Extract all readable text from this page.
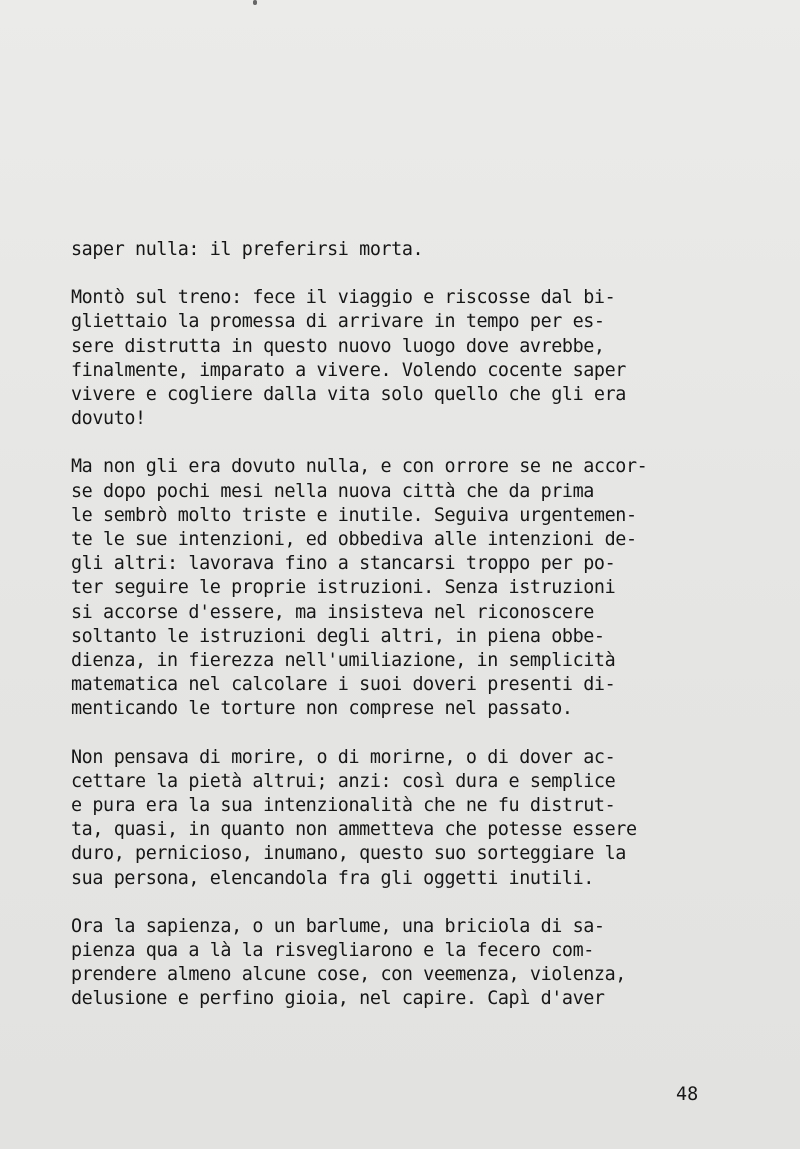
saper nulla: il preferirsi morta.

Montò sul treno: fece il viaggio e riscosse dal bi-
gliettaio la promessa di arrivare in tempo per es-
sere distrutta in questo nuovo luogo dove avrebbe,
finalmente, imparato a vivere. Volendo cocente saper
vivere e cogliere dalla vita solo quello che gli era
dovuto!

Ma non gli era dovuto nulla, e con orrore se ne accor-
se dopo pochi mesi nella nuova città che da prima
le sembrò molto triste e inutile. Seguiva urgentemen-
te le sue intenzioni, ed obbediva alle intenzioni de-
gli altri: lavorava fino a stancarsi troppo per po-
ter seguire le proprie istruzioni. Senza istruzioni
si accorse d'essere, ma insisteva nel riconoscere
soltanto le istruzioni degli altri, in piena obbe-
dienza, in fierezza nell'umiliazione, in semplicità
matematica nel calcolare i suoi doveri presenti di-
menticando le torture non comprese nel passato.

Non pensava di morire, o di morirne, o di dover ac-
cettare la pietà altrui; anzi: così dura e semplice
e pura era la sua intenzionalità che ne fu distrut-
ta, quasi, in quanto non ammetteva che potesse essere
duro, pernicioso, inumano, questo suo sorteggiare la
sua persona, elencandola fra gli oggetti inutili.

Ora la sapienza, o un barlume, una briciola di sa-
pienza qua a là la risvegliarono e la fecero com-
prendere almeno alcune cose, con veemenza, violenza,
delusione e perfino gioia, nel capire. Capì d'aver

48
